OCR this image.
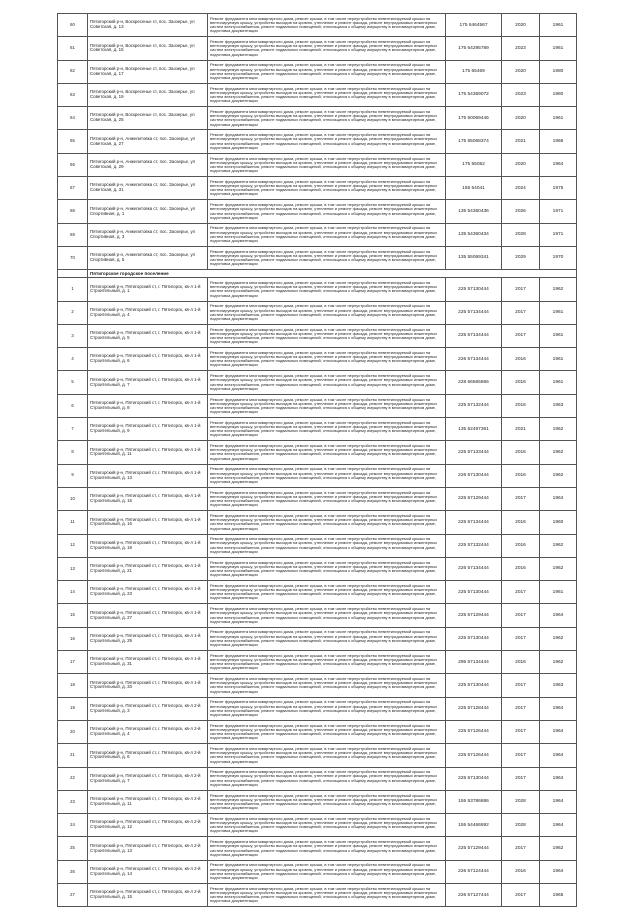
60	Пятигорский р-н, Воскресенье ст, пос. Заозерье, ул Советская, д. 13	Ремонт фундамента многоквартирного дома, ремонт крыши, в том числе переустройство невентилируемой крыши на вентилируемую крышу, устройство выходов на кровлю, утепление и ремонт фасада, ремонт внутридомовых инженерных систем электроснабжения, ремонт подвальных помещений, относящихся к общему имуществу в многоквартирном доме, подготовка документации	175 6464567	2020	1961
61	Пятигорский р-н, Воскресенье ст, пос. Заозерье, ул Советская, д. 15	Ремонт фундамента многоквартирного дома, ремонт крыши, в том числе переустройство невентилируемой крыши на вентилируемую крышу, устройство выходов на кровлю, утепление и ремонт фасада, ремонт внутридомовых инженерных систем электроснабжения, ремонт подвальных помещений, относящихся к общему имуществу в многоквартирном доме, подготовка документации	175 64295789	2023	1961
62	Пятигорский р-н, Воскресенье ст, пос. Заозерье, ул Советская, д. 17	Ремонт фундамента многоквартирного дома, ремонт крыши, в том числе переустройство невентилируемой крыши на вентилируемую крышу, устройство выходов на кровлю, утепление и ремонт фасада, ремонт внутридомовых инженерных систем электроснабжения, ремонт подвальных помещений, относящихся к общему имуществу в многоквартирном доме, подготовка документации	175 65469	2020	1980
63	Пятигорский р-н, Воскресенье ст, пос. Заозерье, ул Советская, д. 19	Ремонт фундамента многоквартирного дома, ремонт крыши, в том числе переустройство невентилируемой крыши на вентилируемую крышу, устройство выходов на кровлю, утепление и ремонт фасада, ремонт внутридомовых инженерных систем электроснабжения, ремонт подвальных помещений, относящихся к общему имуществу в многоквартирном доме, подготовка документации	175 54369072	2023	1980
64	Пятигорский р-н, Воскресенье ст, пос. Заозерье, ул Советская, д. 25	Ремонт фундамента многоквартирного дома, ремонт крыши, в том числе переустройство невентилируемой крыши на вентилируемую крышу, устройство выходов на кровлю, утепление и ремонт фасада, ремонт внутридомовых инженерных систем электроснабжения, ремонт подвальных помещений, относящихся к общему имуществу в многоквартирном доме, подготовка документации	175 50069446	2020	1961
65	Пятигорский р-н, Анжелитовка ст, пос. Заозерье, ул Советская, д. 27	Ремонт фундамента многоквартирного дома, ремонт крыши, в том числе переустройство невентилируемой крыши на вентилируемую крышу, устройство выходов на кровлю, утепление и ремонт фасада, ремонт внутридомовых инженерных систем электроснабжения, ремонт подвальных помещений, относящихся к общему имуществу в многоквартирном доме, подготовка документации	175 55068374	2021	1966
66	Пятигорский р-н, Анжелитовка ст, пос. Заозерье, ул Советская, д. 29	Ремонт фундамента многоквартирного дома, ремонт крыши, в том числе переустройство невентилируемой крыши на вентилируемую крышу, устройство выходов на кровлю, утепление и ремонт фасада, ремонт внутридомовых инженерных систем электроснабжения, ремонт подвальных помещений, относящихся к общему имуществу в многоквартирном доме, подготовка документации	175 55052	2020	1964
67	Пятигорский р-н, Анжелитовка ст, пос. Заозерье, ул Советская, д. 31	Ремонт фундамента многоквартирного дома, ремонт крыши, в том числе переустройство невентилируемой крыши на вентилируемую крышу, устройство выходов на кровлю, утепление и ремонт фасада, ремонт внутридомовых инженерных систем электроснабжения, ремонт подвальных помещений, относящихся к общему имуществу в многоквартирном доме, подготовка документации	155 54041	2024	1975
68	Пятигорский р-н, Анжелитовка ст, пос. Заозерье, ул Спортивная, д. 1	Ремонт фундамента многоквартирного дома, ремонт крыши, в том числе переустройство невентилируемой крыши на вентилируемую крышу, устройство выходов на кровлю, утепление и ремонт фасада, ремонт внутридомовых инженерных систем электроснабжения, ремонт подвальных помещений, относящихся к общему имуществу в многоквартирном доме, подготовка документации	135 54360436	2026	1971
69	Пятигорский р-н, Анжелитовка ст, пос. Заозерье, ул Спортивная, д. 3	Ремонт фундамента многоквартирного дома, ремонт крыши, в том числе переустройство невентилируемой крыши на вентилируемую крышу, устройство выходов на кровлю, утепление и ремонт фасада, ремонт внутридомовых инженерных систем электроснабжения, ремонт подвальных помещений, относящихся к общему имуществу в многоквартирном доме, подготовка документации	135 54360434	2028	1971
70	Пятигорский р-н, Анжелитовка ст, пос. Заозерье, ул Спортивная, д. 5	Ремонт фундамента многоквартирного дома, ремонт крыши, в том числе переустройство невентилируемой крыши на вентилируемую крышу, устройство выходов на кровлю, утепление и ремонт фасада, ремонт внутридомовых инженерных систем электроснабжения, ремонт подвальных помещений, относящихся к общему имуществу в многоквартирном доме, подготовка документации	135 55069341	2029	1970
	Пятигорское городское поселение				
1	Пятигорский р-н, Пятигорский ст, г. Пятигорск, кв-л 1-й Строительный, д. 1	Ремонт фундамента многоквартирного дома, ремонт крыши, в том числе переустройство невентилируемой крыши на вентилируемую крышу, устройство выходов на кровлю, утепление и ремонт фасада, ремонт внутридомовых инженерных систем электроснабжения, ремонт подвальных помещений, относящихся к общему имуществу в многоквартирном доме, подготовка документации	225 57130444	2017	1962
2	Пятигорский р-н, Пятигорский ст, г. Пятигорск, кв-л 1-й Строительный, д. 4	Ремонт фундамента многоквартирного дома, ремонт крыши, в том числе переустройство невентилируемой крыши на вентилируемую крышу, устройство выходов на кровлю, утепление и ремонт фасада, ремонт внутридомовых инженерных систем электроснабжения, ремонт подвальных помещений, относящихся к общему имуществу в многоквартирном доме, подготовка документации	225 57134444	2017	1961
3	Пятигорский р-н, Пятигорский ст, г. Пятигорск, кв-л 1-й Строительный, д. 5	Ремонт фундамента многоквартирного дома, ремонт крыши, в том числе переустройство невентилируемой крыши на вентилируемую крышу, устройство выходов на кровлю, утепление и ремонт фасада, ремонт внутридомовых инженерных систем электроснабжения, ремонт подвальных помещений, относящихся к общему имуществу в многоквартирном доме, подготовка документации	225 57134444	2017	1961
4	Пятигорский р-н, Пятигорский ст, г. Пятигорск, кв-л 1-й Строительный, д. 6	Ремонт фундамента многоквартирного дома, ремонт крыши, в том числе переустройство невентилируемой крыши на вентилируемую крышу, устройство выходов на кровлю, утепление и ремонт фасада, ремонт внутридомовых инженерных систем электроснабжения, ремонт подвальных помещений, относящихся к общему имуществу в многоквартирном доме, подготовка документации	226 57134444	2016	1961
5	Пятигорский р-н, Пятигорский ст, г. Пятигорск, кв-л 1-й Строительный, д. 7	Ремонт фундамента многоквартирного дома, ремонт крыши, в том числе переустройство невентилируемой крыши на вентилируемую крышу, устройство выходов на кровлю, утепление и ремонт фасада, ремонт внутридомовых инженерных систем электроснабжения, ремонт подвальных помещений, относящихся к общему имуществу в многоквартирном доме, подготовка документации	228 66565666	2016	1961
6	Пятигорский р-н, Пятигорский ст, г. Пятигорск, кв-л 1-й Строительный, д. 8	Ремонт фундамента многоквартирного дома, ремонт крыши, в том числе переустройство невентилируемой крыши на вентилируемую крышу, устройство выходов на кровлю, утепление и ремонт фасада, ремонт внутридомовых инженерных систем электроснабжения, ремонт подвальных помещений, относящихся к общему имуществу в многоквартирном доме, подготовка документации	225 57132444	2016	1963
7	Пятигорский р-н, Пятигорский ст, г. Пятигорск, кв-л 1-й Строительный, д. 9	Ремонт фундамента многоквартирного дома, ремонт крыши, в том числе переустройство невентилируемой крыши на вентилируемую крышу, устройство выходов на кровлю, утепление и ремонт фасада, ремонт внутридомовых инженерных систем электроснабжения, ремонт подвальных помещений, относящихся к общему имуществу в многоквартирном доме, подготовка документации	135 52497361	2021	1962
8	Пятигорский р-н, Пятигорский ст, г. Пятигорск, кв-л 1-й Строительный, д. 11	Ремонт фундамента многоквартирного дома, ремонт крыши, в том числе переустройство невентилируемой крыши на вентилируемую крышу, устройство выходов на кровлю, утепление и ремонт фасада, ремонт внутридомовых инженерных систем электроснабжения, ремонт подвальных помещений, относящихся к общему имуществу в многоквартирном доме, подготовка документации	225 57133444	2016	1962
9	Пятигорский р-н, Пятигорский ст, г. Пятигорск, кв-л 1-й Строительный, д. 13	Ремонт фундамента многоквартирного дома, ремонт крыши, в том числе переустройство невентилируемой крыши на вентилируемую крышу, устройство выходов на кровлю, утепление и ремонт фасада, ремонт внутридомовых инженерных систем электроснабжения, ремонт подвальных помещений, относящихся к общему имуществу в многоквартирном доме, подготовка документации	226 57130444	2016	1962
10	Пятигорский р-н, Пятигорский ст, г. Пятигорск, кв-л 1-й Строительный, д. 15	Ремонт фундамента многоквартирного дома, ремонт крыши, в том числе переустройство невентилируемой крыши на вентилируемую крышу, устройство выходов на кровлю, утепление и ремонт фасада, ремонт внутридомовых инженерных систем электроснабжения, ремонт подвальных помещений, относящихся к общему имуществу в многоквартирном доме, подготовка документации	225 57129444	2017	1964
11	Пятигорский р-н, Пятигорский ст, г. Пятигорск, кв-л 1-й Строительный, д. 16	Ремонт фундамента многоквартирного дома, ремонт крыши, в том числе переустройство невентилируемой крыши на вентилируемую крышу, устройство выходов на кровлю, утепление и ремонт фасада, ремонт внутридомовых инженерных систем электроснабжения, ремонт подвальных помещений, относящихся к общему имуществу в многоквартирном доме, подготовка документации	225 57134444	2016	1960
12	Пятигорский р-н, Пятигорский ст, г. Пятигорск, кв-л 1-й Строительный, д. 19	Ремонт фундамента многоквартирного дома, ремонт крыши, в том числе переустройство невентилируемой крыши на вентилируемую крышу, устройство выходов на кровлю, утепление и ремонт фасада, ремонт внутридомовых инженерных систем электроснабжения, ремонт подвальных помещений, относящихся к общему имуществу в многоквартирном доме, подготовка документации	225 57132444	2016	1962
13	Пятигорский р-н, Пятигорский ст, г. Пятигорск, кв-л 1-й Строительный, д. 21	Ремонт фундамента многоквартирного дома, ремонт крыши, в том числе переустройство невентилируемой крыши на вентилируемую крышу, устройство выходов на кровлю, утепление и ремонт фасада, ремонт внутридомовых инженерных систем электроснабжения, ремонт подвальных помещений, относящихся к общему имуществу в многоквартирном доме, подготовка документации	226 57134444	2016	1962
14	Пятигорский р-н, Пятигорский ст, г. Пятигорск, кв-л 1-й Строительный, д. 23	Ремонт фундамента многоквартирного дома, ремонт крыши, в том числе переустройство невентилируемой крыши на вентилируемую крышу, устройство выходов на кровлю, утепление и ремонт фасада, ремонт внутридомовых инженерных систем электроснабжения, ремонт подвальных помещений, относящихся к общему имуществу в многоквартирном доме, подготовка документации	225 57130444	2017	1961
15	Пятигорский р-н, Пятигорский ст, г. Пятигорск, кв-л 1-й Строительный, д. 27	Ремонт фундамента многоквартирного дома, ремонт крыши, в том числе переустройство невентилируемой крыши на вентилируемую крышу, устройство выходов на кровлю, утепление и ремонт фасада, ремонт внутридомовых инженерных систем электроснабжения, ремонт подвальных помещений, относящихся к общему имуществу в многоквартирном доме, подготовка документации	225 57129444	2017	1964
16	Пятигорский р-н, Пятигорский ст, г. Пятигорск, кв-л 1-й Строительный, д. 29	Ремонт фундамента многоквартирного дома, ремонт крыши, в том числе переустройство невентилируемой крыши на вентилируемую крышу, устройство выходов на кровлю, утепление и ремонт фасада, ремонт внутридомовых инженерных систем электроснабжения, ремонт подвальных помещений, относящихся к общему имуществу в многоквартирном доме, подготовка документации	225 57130444	2017	1962
17	Пятигорский р-н, Пятигорский ст, г. Пятигорск, кв-л 1-й Строительный, д. 31	Ремонт фундамента многоквартирного дома, ремонт крыши, в том числе переустройство невентилируемой крыши на вентилируемую крышу, устройство выходов на кровлю, утепление и ремонт фасада, ремонт внутридомовых инженерных систем электроснабжения, ремонт подвальных помещений, относящихся к общему имуществу в многоквартирном доме, подготовка документации	295 57134444	2016	1962
18	Пятигорский р-н, Пятигорский ст, г. Пятигорск, кв-л 1-й Строительный, д. 33	Ремонт фундамента многоквартирного дома, ремонт крыши, в том числе переустройство невентилируемой крыши на вентилируемую крышу, устройство выходов на кровлю, утепление и ремонт фасада, ремонт внутридомовых инженерных систем электроснабжения, ремонт подвальных помещений, относящихся к общему имуществу в многоквартирном доме, подготовка документации	225 57130444	2017	1963
19	Пятигорский р-н, Пятигорский ст, г. Пятигорск, кв-л 2-й Строительный, д. 3	Ремонт фундамента многоквартирного дома, ремонт крыши, в том числе переустройство невентилируемой крыши на вентилируемую крышу, устройство выходов на кровлю, утепление и ремонт фасада, ремонт внутридомовых инженерных систем электроснабжения, ремонт подвальных помещений, относящихся к общему имуществу в многоквартирном доме, подготовка документации	225 57128444	2017	1964
20	Пятигорский р-н, Пятигорский ст, г. Пятигорск, кв-л 2-й Строительный, д. 4	Ремонт фундамента многоквартирного дома, ремонт крыши, в том числе переустройство невентилируемой крыши на вентилируемую крышу, устройство выходов на кровлю, утепление и ремонт фасада, ремонт внутридомовых инженерных систем электроснабжения, ремонт подвальных помещений, относящихся к общему имуществу в многоквартирном доме, подготовка документации	225 57126444	2017	1964
21	Пятигорский р-н, Пятигорский ст, г. Пятигорск, кв-л 2-й Строительный, д. 6	Ремонт фундамента многоквартирного дома, ремонт крыши, в том числе переустройство невентилируемой крыши на вентилируемую крышу, устройство выходов на кровлю, утепление и ремонт фасада, ремонт внутридомовых инженерных систем электроснабжения, ремонт подвальных помещений, относящихся к общему имуществу в многоквартирном доме, подготовка документации	225 57126444	2017	1964
22	Пятигорский р-н, Пятигорский ст, г. Пятигорск, кв-л 2-й Строительный, д. 7	Ремонт фундамента многоквартирного дома, ремонт крыши, в том числе переустройство невентилируемой крыши на вентилируемую крышу, устройство выходов на кровлю, утепление и ремонт фасада, ремонт внутридомовых инженерных систем электроснабжения, ремонт подвальных помещений, относящихся к общему имуществу в многоквартирном доме, подготовка документации	225 57130444	2017	1964
23	Пятигорский р-н, Пятигорский ст, г. Пятигорск, кв-л 2-й Строительный, д. 11	Ремонт фундамента многоквартирного дома, ремонт крыши, в том числе переустройство невентилируемой крыши на вентилируемую крышу, устройство выходов на кровлю, утепление и ремонт фасада, ремонт внутридомовых инженерных систем электроснабжения, ремонт подвальных помещений, относящихся к общему имуществу в многоквартирном доме, подготовка документации	155 53786886	2028	1964
24	Пятигорский р-н, Пятигорский ст, г. Пятигорск, кв-л 2-й Строительный, д. 12	Ремонт фундамента многоквартирного дома, ремонт крыши, в том числе переустройство невентилируемой крыши на вентилируемую крышу, устройство выходов на кровлю, утепление и ремонт фасада, ремонт внутридомовых инженерных систем электроснабжения, ремонт подвальных помещений, относящихся к общему имуществу в многоквартирном доме, подготовка документации	155 54466692	2028	1964
25	Пятигорский р-н, Пятигорский ст, г. Пятигорск, кв-л 2-й Строительный, д. 13	Ремонт фундамента многоквартирного дома, ремонт крыши, в том числе переустройство невентилируемой крыши на вентилируемую крышу, устройство выходов на кровлю, утепление и ремонт фасада, ремонт внутридомовых инженерных систем электроснабжения, ремонт подвальных помещений, относящихся к общему имуществу в многоквартирном доме, подготовка документации	225 57129444	2017	1962
26	Пятигорский р-н, Пятигорский ст, г. Пятигорск, кв-л 2-й Строительный, д. 14	Ремонт фундамента многоквартирного дома, ремонт крыши, в том числе переустройство невентилируемой крыши на вентилируемую крышу, устройство выходов на кровлю, утепление и ремонт фасада, ремонт внутридомовых инженерных систем электроснабжения, ремонт подвальных помещений, относящихся к общему имуществу в многоквартирном доме, подготовка документации	226 57124444	2016	1964
27	Пятигорский р-н, Пятигорский ст, г. Пятигорск, кв-л 2-й Строительный, д. 15	Ремонт фундамента многоквартирного дома, ремонт крыши, в том числе переустройство невентилируемой крыши на вентилируемую крышу, устройство выходов на кровлю, утепление и ремонт фасада, ремонт внутридомовых инженерных систем электроснабжения, ремонт подвальных помещений, относящихся к общему имуществу в многоквартирном доме, подготовка документации	226 57127444	2017	1965
